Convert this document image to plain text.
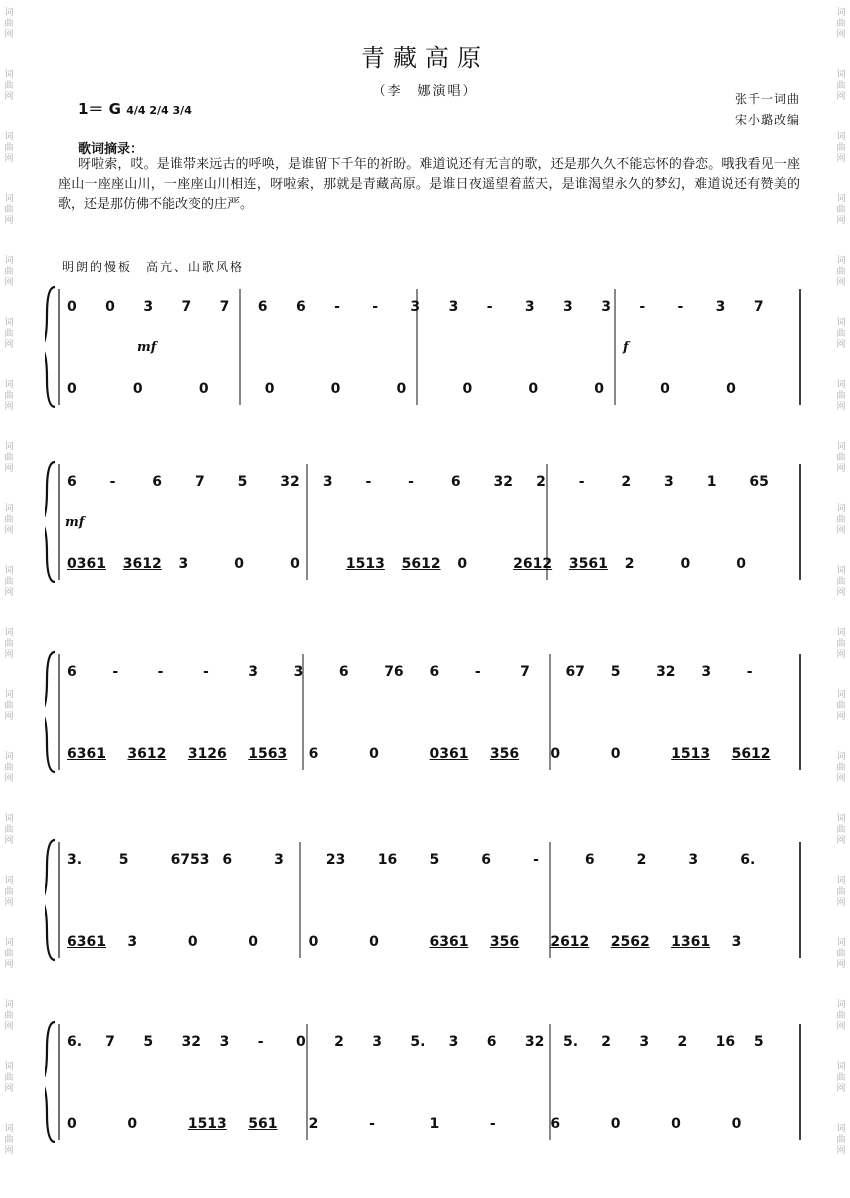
词
曲
网
词
曲
网
词
曲
网
词
曲
网
词
曲
网
词
曲
网
词
曲
网
词
曲
网
词
曲
网
词
曲
网
词
曲
网
词
曲
网
词
曲
网
词
曲
网
词
曲
网
词
曲
网
词
曲
网
词
曲
网
词
曲
网
词
曲
网
词
曲
网
词
曲
网
词
曲
网
词
曲
网
词
曲
网
词
曲
网
词
曲
网
词
曲
网
词
曲
网
词
曲
网
词
曲
网
词
曲
网
词
曲
网
词
曲
网
词
曲
网
词
曲
网
词
曲
网
词
曲
网
青藏高原
（李　娜演唱）
1＝ G 4/4 2/4 3/4
张千一词曲
宋小璐改编
歌词摘录：
呀啦索，哎。是谁带来远古的呼唤，是谁留下千年的祈盼。难道说还有无言的歌，还是那久久不能忘怀的眷恋。哦我看见一座座山一座座山川，一座座山川相连，呀啦索，那就是青藏高原。是谁日夜遥望着蓝天，是谁渴望永久的梦幻，难道说还有赞美的歌，还是那仿佛不能改变的庄严。
明朗的慢板　高亢、山歌风格
0 0 3 7 7 6 6 - - 3 3 - 3 3 3 - - 3 7
0	0	0	0	0	0	0	0	0	0	0
mf	f
6 -	6 7 5 32 3 -	-	6 32 2 -	2 3 1 65
0361 3612 3	0	0	1513 5612 0	2612 3561 2	0	0
mf
6	-	-	-	3	3	6	76 6	-	7	67 5	32 3	-
6361 3612 3126 1563 6	0	0361 356 0	0	1513 5612
3.	5	6753 6	3	23 16 5	6	-	6	2	3	6.
6361 3	0	0	0	0	6361 356 2612 2562 1361 3
6. 7 5 32 3 - 0 2 3 5. 3 6 32 5. 2 3 2 16 5
0	0	1513 561 2	-	1	-	6	0	0	0
